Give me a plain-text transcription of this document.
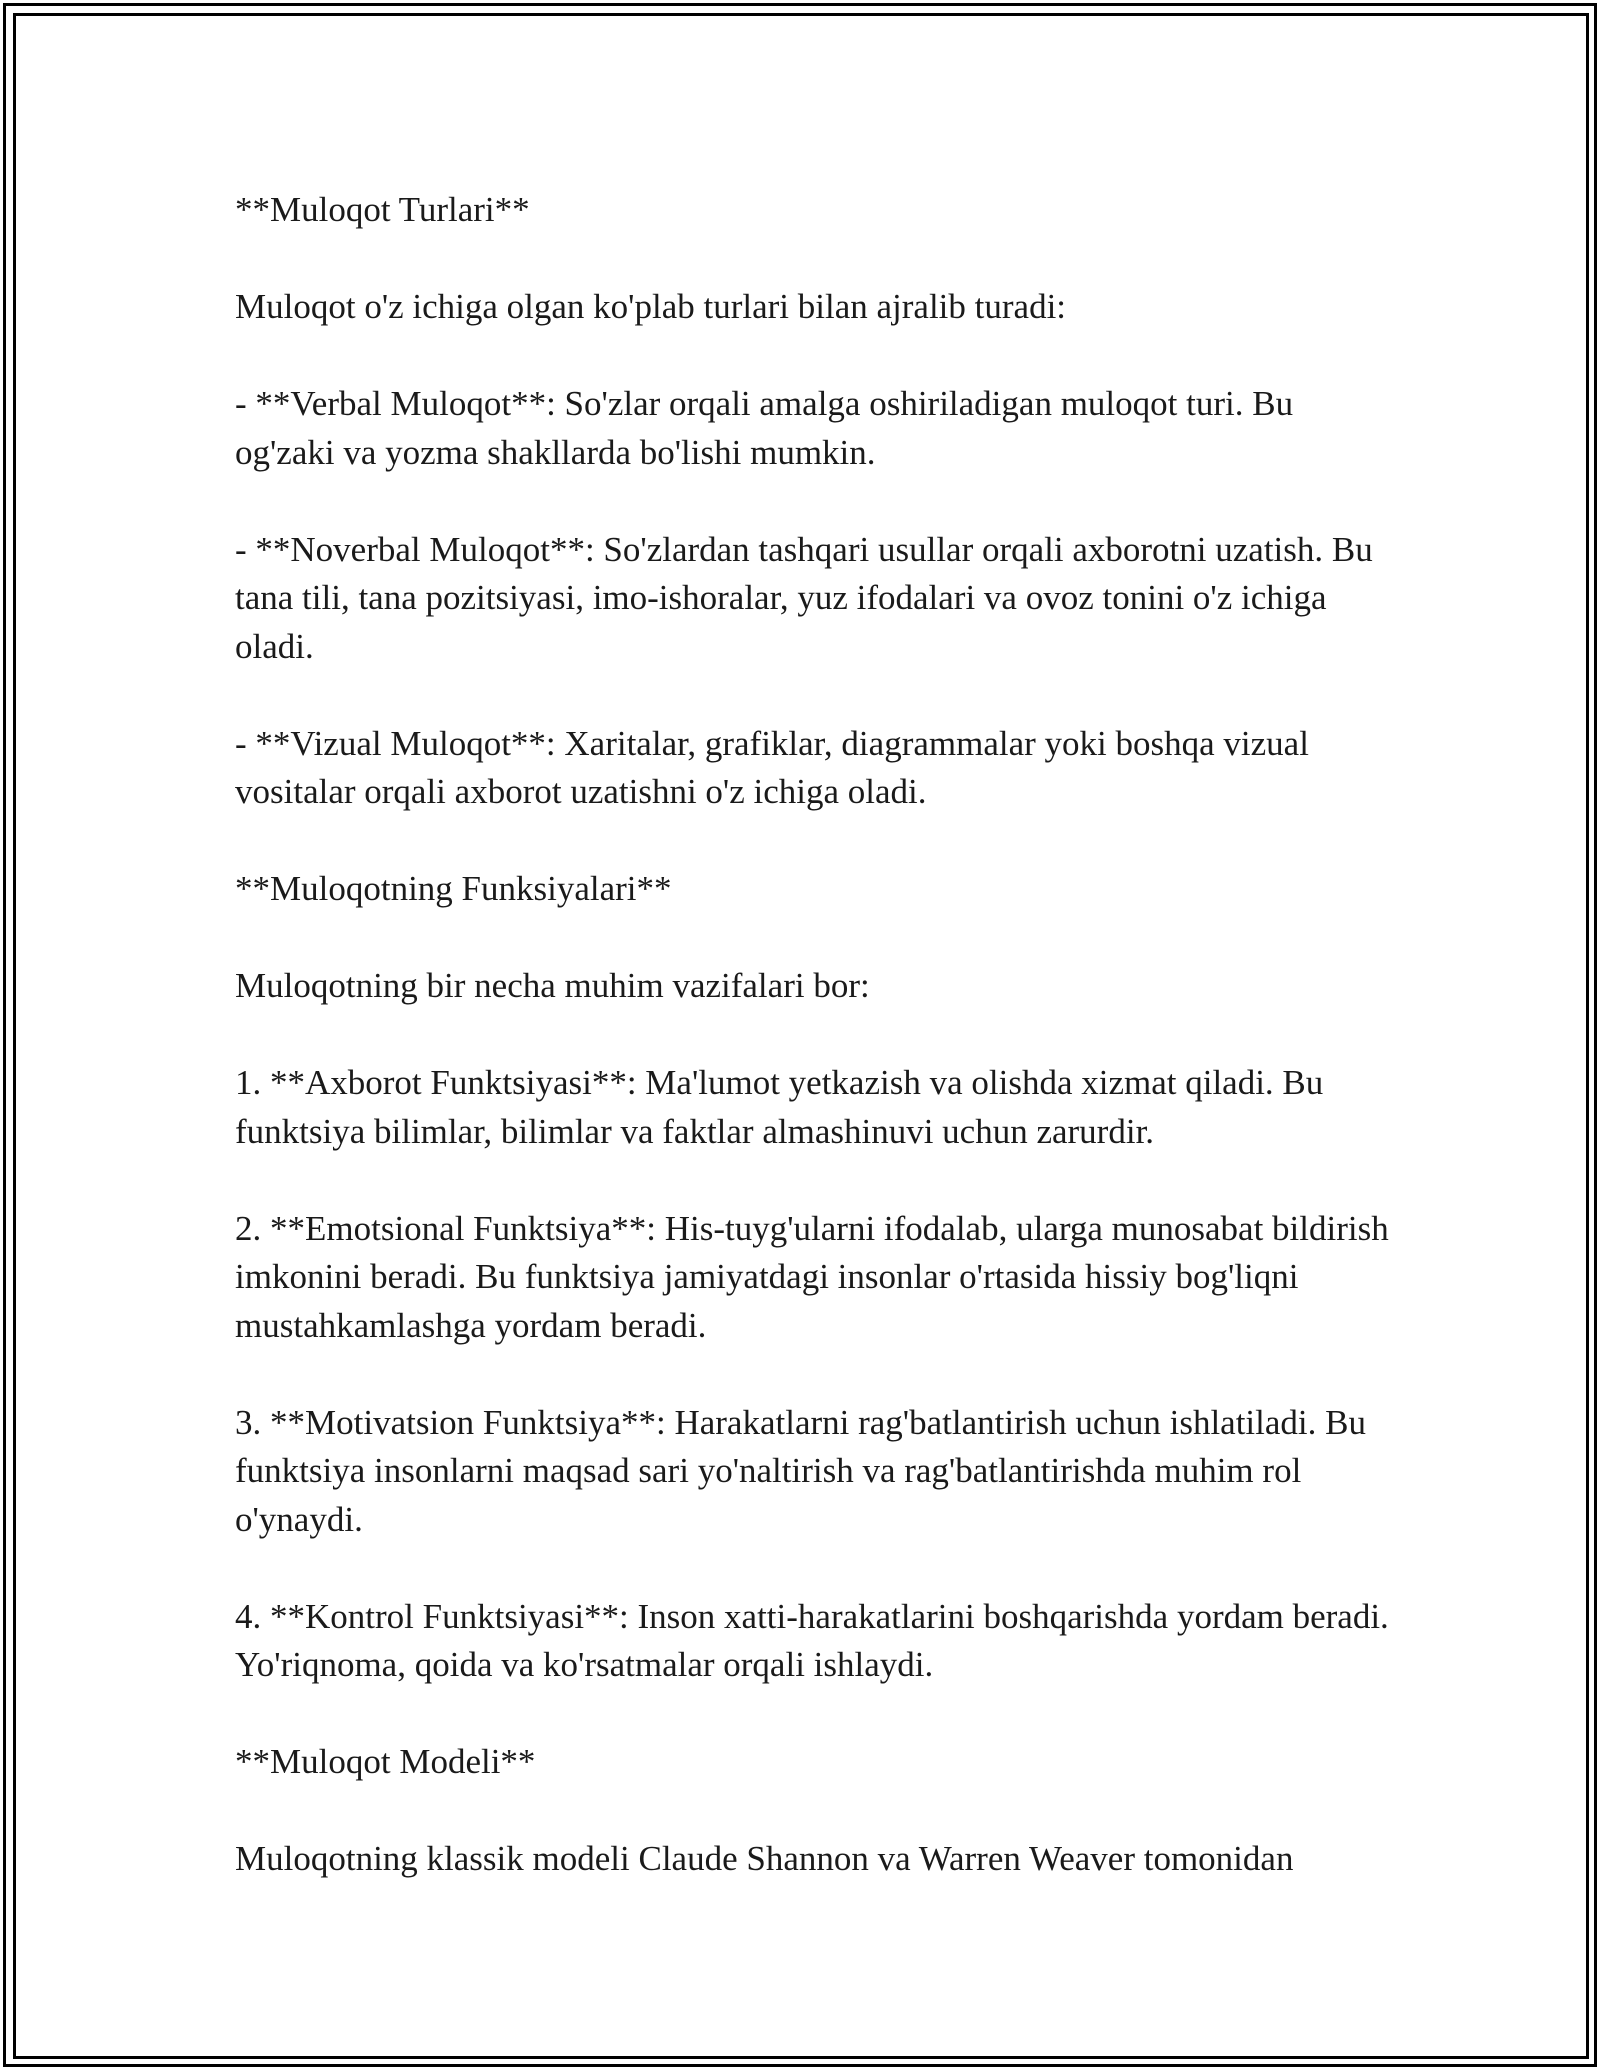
**Muloqot Turlari**

Muloqot o'z ichiga olgan ko'plab turlari bilan ajralib turadi:

- **Verbal Muloqot**: So'zlar orqali amalga oshiriladigan muloqot turi. Bu og'zaki va yozma shakllarda bo'lishi mumkin.

- **Noverbal Muloqot**: So'zlardan tashqari usullar orqali axborotni uzatish. Bu tana tili, tana pozitsiyasi, imo-ishoralar, yuz ifodalari va ovoz tonini o'z ichiga oladi.

- **Vizual Muloqot**: Xaritalar, grafiklar, diagrammalar yoki boshqa vizual vositalar orqali axborot uzatishni o'z ichiga oladi.

**Muloqotning Funksiyalari**

Muloqotning bir necha muhim vazifalari bor:

1. **Axborot Funktsiyasi**: Ma'lumot yetkazish va olishda xizmat qiladi. Bu funktsiya bilimlar, bilimlar va faktlar almashinuvi uchun zarurdir.

2. **Emotsional Funktsiya**: His-tuyg'ularni ifodalab, ularga munosabat bildirish imkonini beradi. Bu funktsiya jamiyatdagi insonlar o'rtasida hissiy bog'liqni mustahkamlashga yordam beradi.

3. **Motivatsion Funktsiya**: Harakatlarni rag'batlantirish uchun ishlatiladi. Bu funktsiya insonlarni maqsad sari yo'naltirish va rag'batlantirishda muhim rol o'ynaydi.

4. **Kontrol Funktsiyasi**: Inson xatti-harakatlarini boshqarishda yordam beradi. Yo'riqnoma, qoida va ko'rsatmalar orqali ishlaydi.

**Muloqot Modeli**

Muloqotning klassik modeli Claude Shannon va Warren Weaver tomonidan
